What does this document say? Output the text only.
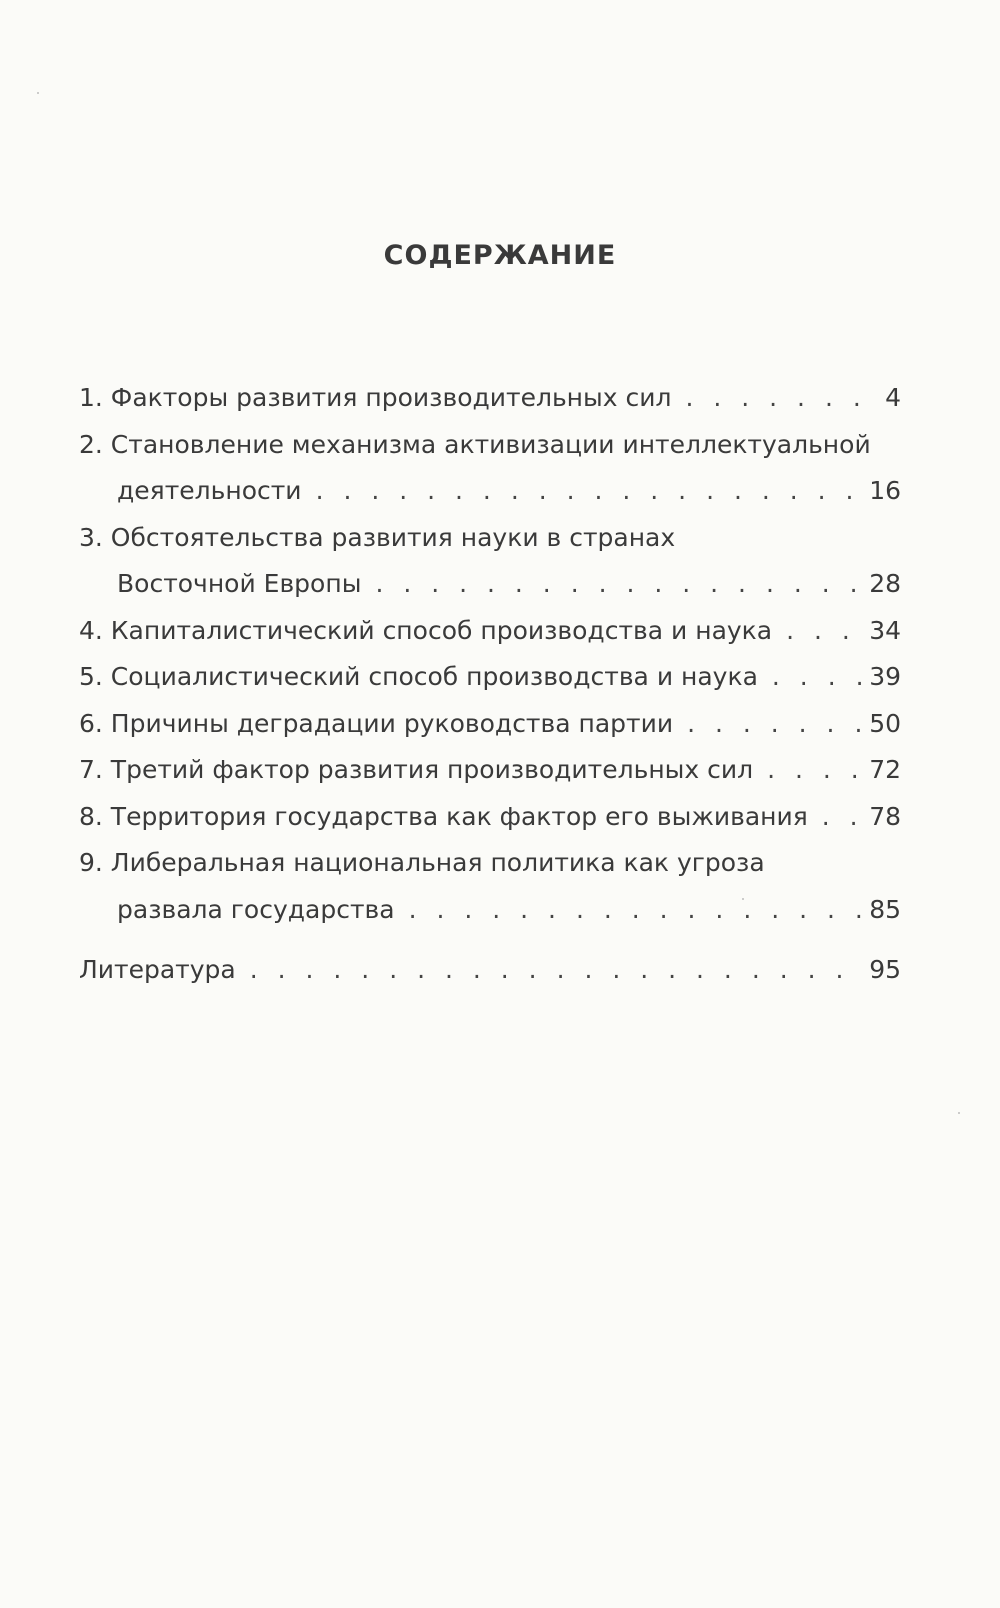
СОДЕРЖАНИЕ
1. Факторы развития производительных сил . . .	4
2. Становление механизма активизации интеллектуальной
деятельности . . .	16
3. Обстоятельства развития науки в странах
Восточной Европы . . .	28
4. Капиталистический способ производства и наука . . .	34
5. Социалистический способ производства и наука . . .	39
6. Причины деградации руководства партии . . .	50
7. Третий фактор развития производительных сил . . .	72
8. Территория государства как фактор его выживания . . . 78
9. Либеральная национальная политика как угроза
развала государства . . .	85
Литература . . .	95
